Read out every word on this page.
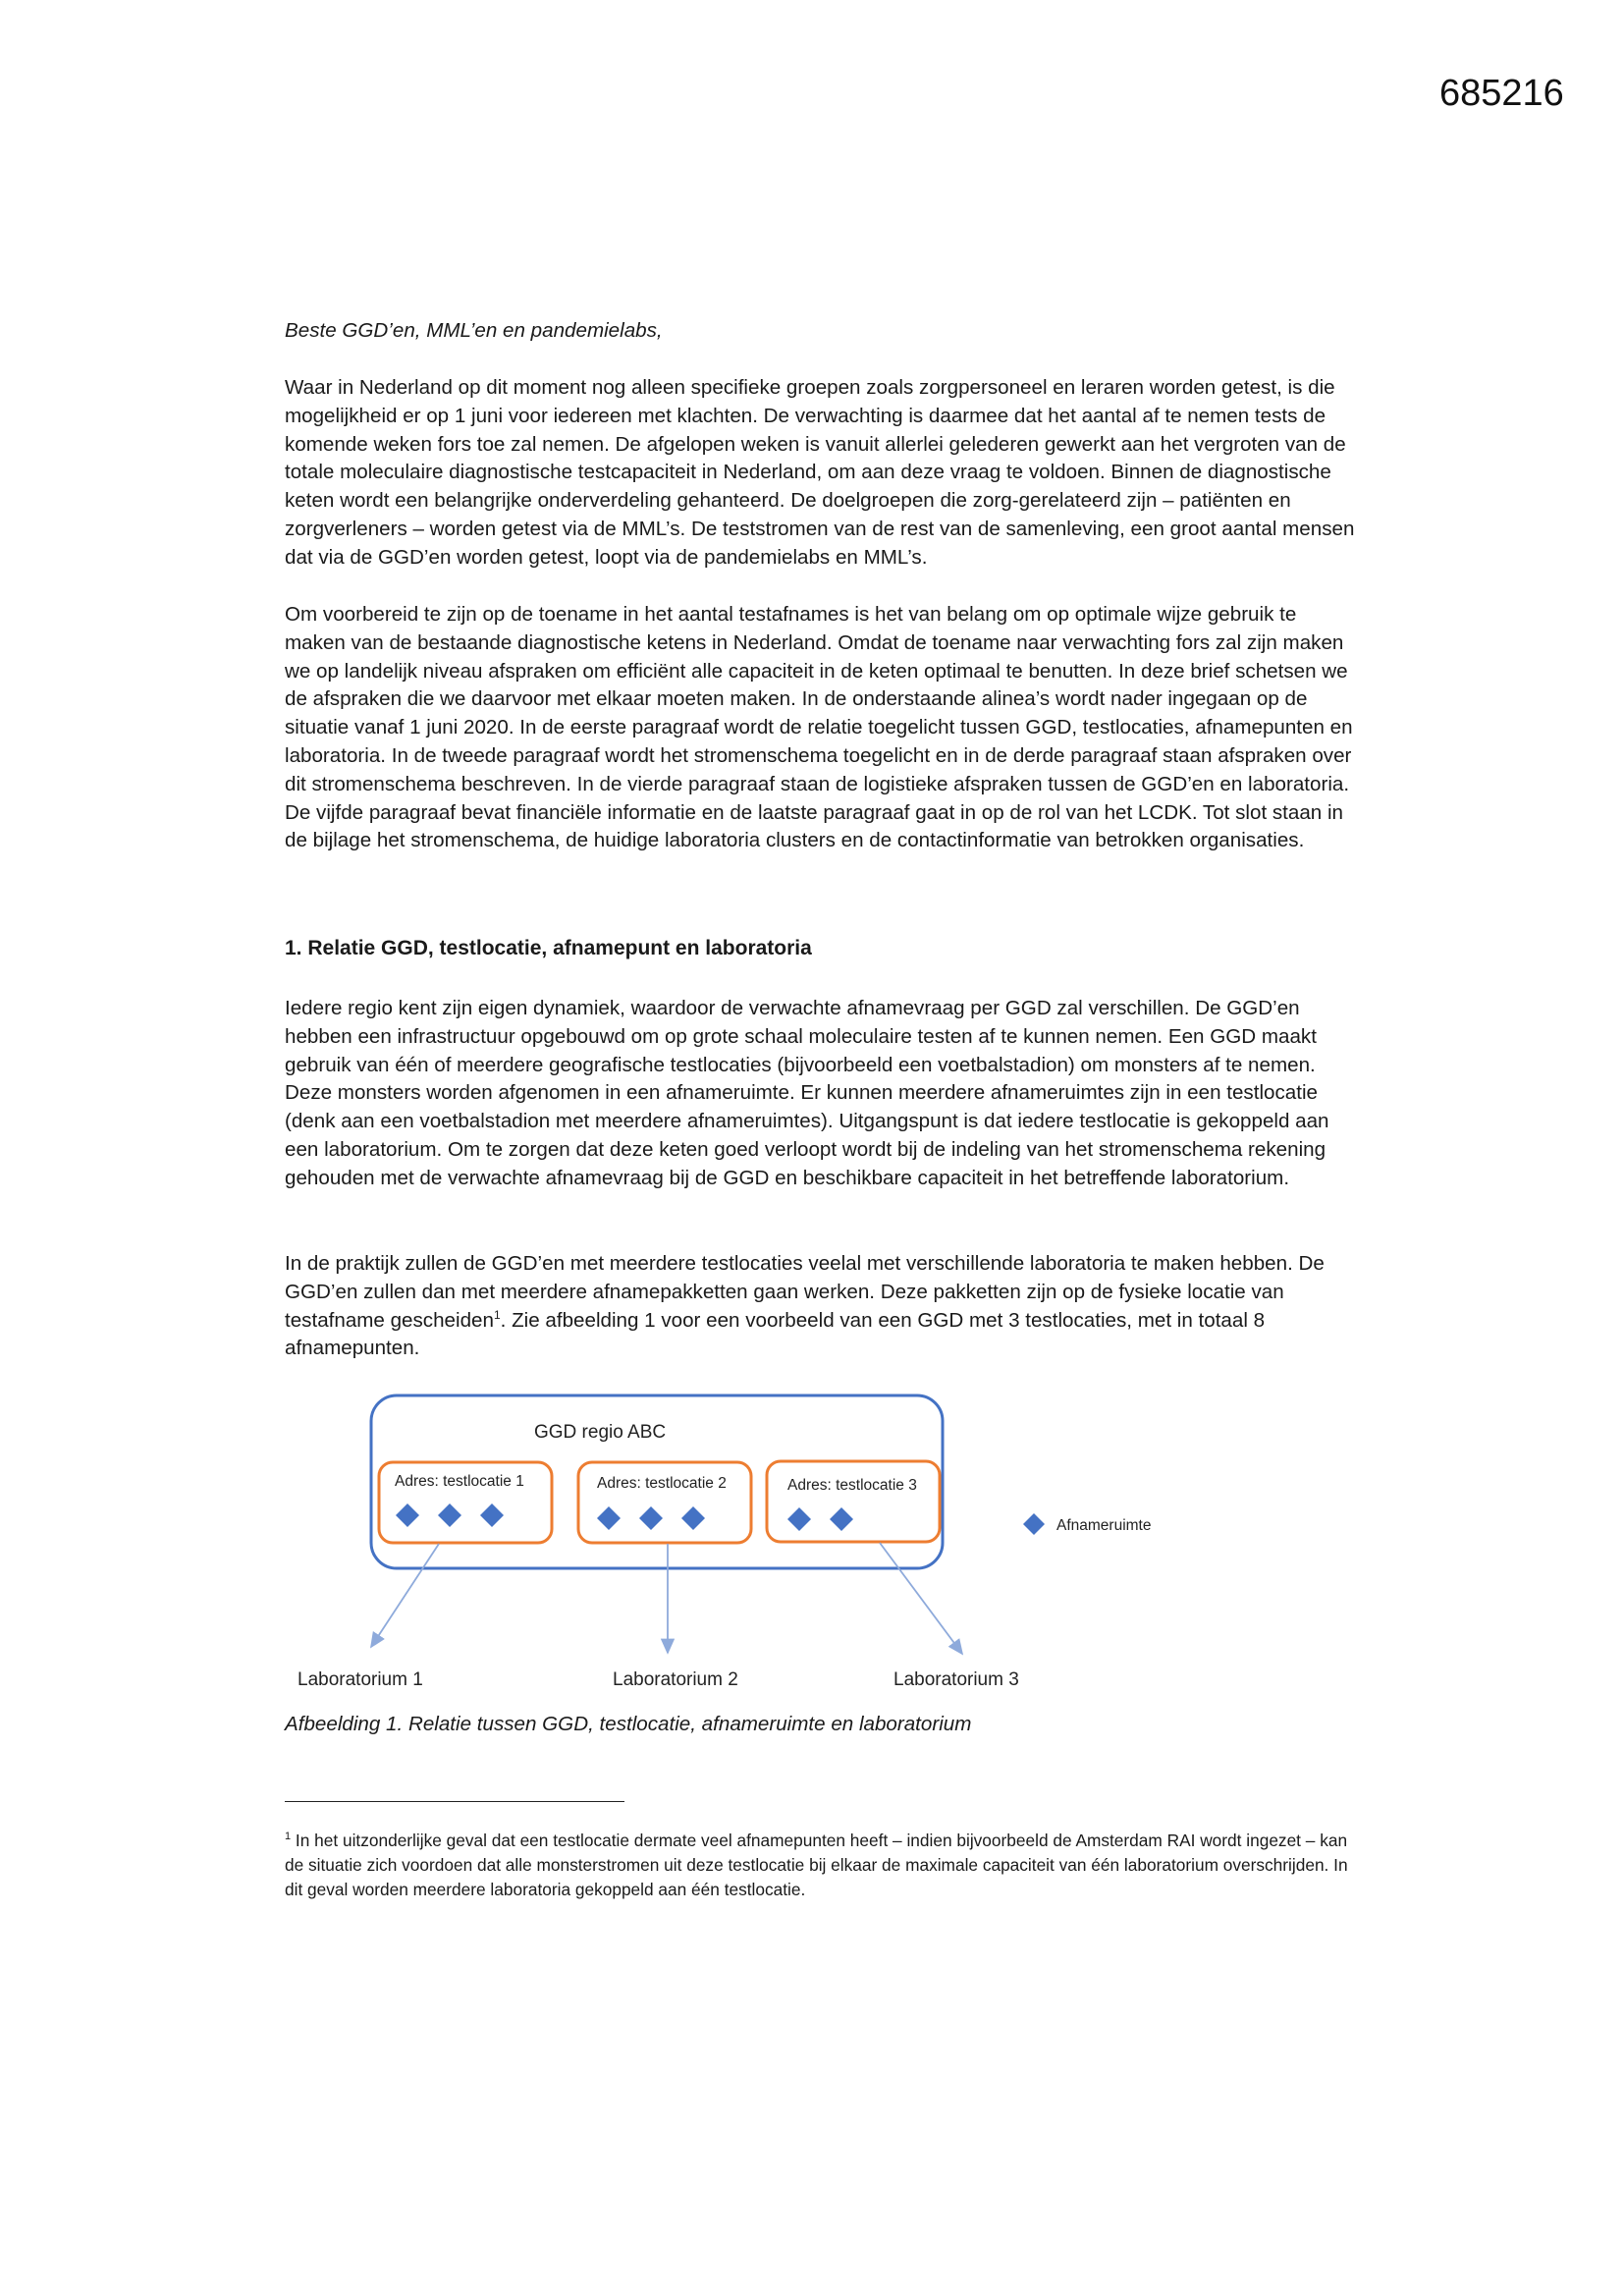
685216

Beste GGD’en, MML’en en pandemielabs,

Waar in Nederland op dit moment nog alleen specifieke groepen zoals zorgpersoneel en leraren worden getest, is die mogelijkheid er op 1 juni voor iedereen met klachten. De verwachting is daarmee dat het aantal af te nemen tests de komende weken fors toe zal nemen. De afgelopen weken is vanuit allerlei gelederen gewerkt aan het vergroten van de totale moleculaire diagnostische testcapaciteit in Nederland, om aan deze vraag te voldoen. Binnen de diagnostische keten wordt een belangrijke onderverdeling gehanteerd. De doelgroepen die zorg-gerelateerd zijn – patiënten en zorgverleners – worden getest via de MML’s. De teststromen van de rest van de samenleving, een groot aantal mensen dat via de GGD’en worden getest, loopt via de pandemielabs en MML’s.

Om voorbereid te zijn op de toename in het aantal testafnames is het van belang om op optimale wijze gebruik te maken van de bestaande diagnostische ketens in Nederland. Omdat de toename naar verwachting fors zal zijn maken we op landelijk niveau afspraken om efficiënt alle capaciteit in de keten optimaal te benutten. In deze brief schetsen we de afspraken die we daarvoor met elkaar moeten maken. In de onderstaande alinea’s wordt nader ingegaan op de situatie vanaf 1 juni 2020. In de eerste paragraaf wordt de relatie toegelicht tussen GGD, testlocaties, afnamepunten en laboratoria. In de tweede paragraaf wordt het stromenschema toegelicht en in de derde paragraaf staan afspraken over dit stromenschema beschreven. In de vierde paragraaf staan de logistieke afspraken tussen de GGD’en en laboratoria. De vijfde paragraaf bevat financiële informatie en de laatste paragraaf gaat in op de rol van het LCDK. Tot slot staan in de bijlage het stromenschema, de huidige laboratoria clusters en de contactinformatie van betrokken organisaties.

1. Relatie GGD, testlocatie, afnamepunt en laboratoria

Iedere regio kent zijn eigen dynamiek, waardoor de verwachte afnamevraag per GGD zal verschillen. De GGD’en hebben een infrastructuur opgebouwd om op grote schaal moleculaire testen af te kunnen nemen. Een GGD maakt gebruik van één of meerdere geografische testlocaties (bijvoorbeeld een voetbalstadion) om monsters af te nemen. Deze monsters worden afgenomen in een afnameruimte. Er kunnen meerdere afnameruimtes zijn in een testlocatie (denk aan een voetbalstadion met meerdere afnameruimtes). Uitgangspunt is dat iedere testlocatie is gekoppeld aan een laboratorium. Om te zorgen dat deze keten goed verloopt wordt bij de indeling van het stromenschema rekening gehouden met de verwachte afnamevraag bij de GGD en beschikbare capaciteit in het betreffende laboratorium.

In de praktijk zullen de GGD’en met meerdere testlocaties veelal met verschillende laboratoria te maken hebben. De GGD’en zullen dan met meerdere afnamepakketten gaan werken. Deze pakketten zijn op de fysieke locatie van testafname gescheiden$^1$. Zie afbeelding 1 voor een voorbeeld van een GGD met 3 testlocaties, met in totaal 8 afnamepunten.

GGD regio ABC
Adres: testlocatie 1	Adres: testlocatie 2	Adres: testlocatie 3
Afnameruimte
Laboratorium 1	Laboratorium 2	Laboratorium 3

Afbeelding 1. Relatie tussen GGD, testlocatie, afnameruimte en laboratorium

$^1$ In het uitzonderlijke geval dat een testlocatie dermate veel afnamepunten heeft – indien bijvoorbeeld de Amsterdam RAI wordt ingezet – kan de situatie zich voordoen dat alle monsterstromen uit deze testlocatie bij elkaar de maximale capaciteit van één laboratorium overschrijden. In dit geval worden meerdere laboratoria gekoppeld aan één testlocatie.
